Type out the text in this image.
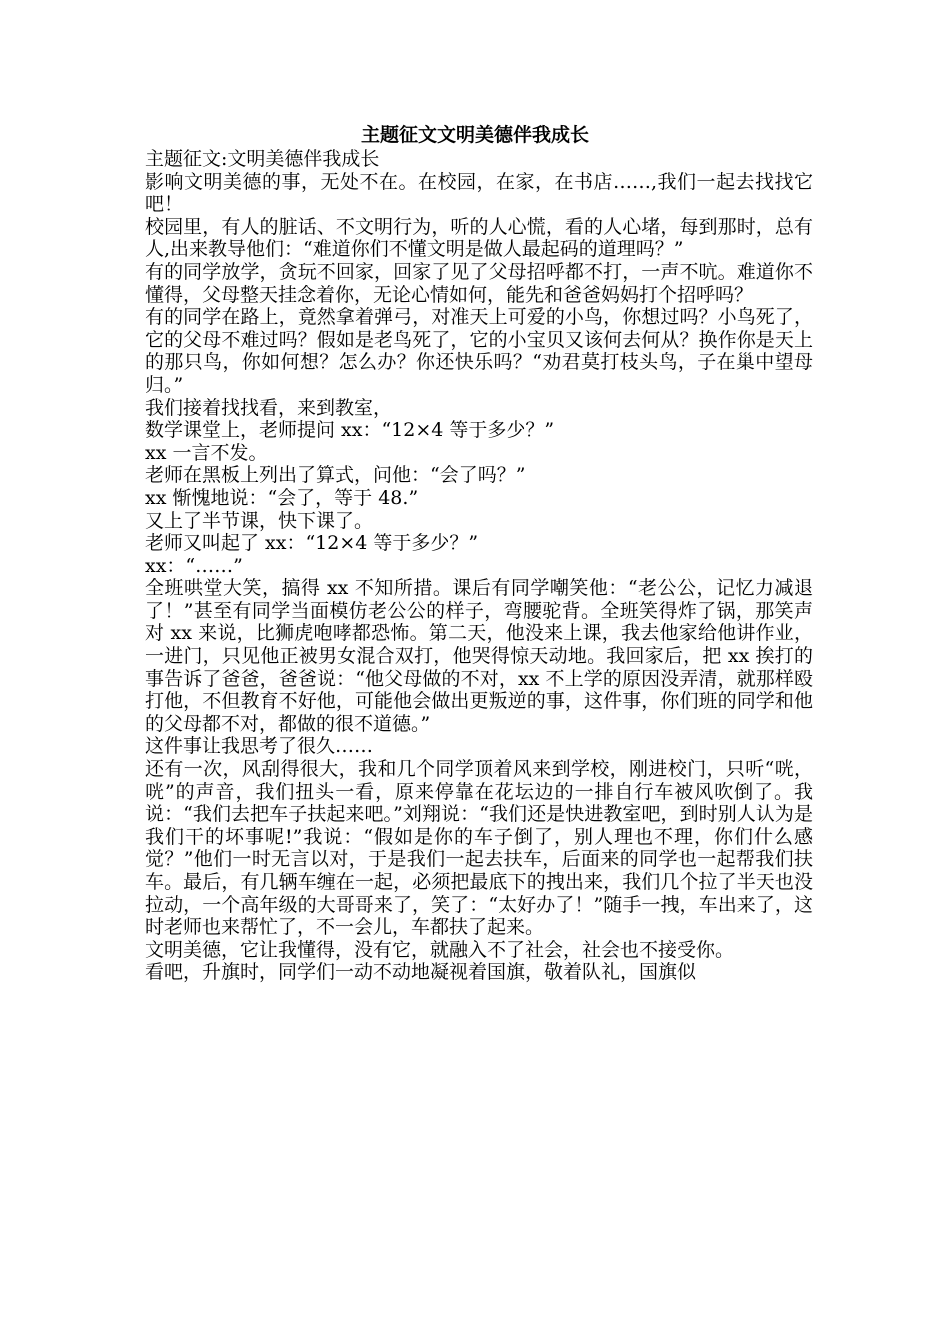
主题征文文明美德伴我成长

主题征文:文明美德伴我成长

影响文明美德的事，无处不在。在校园，在家，在书店……,我们一起去找找它吧！

校园里，有人的脏话、不文明行为，听的人心慌，看的人心堵，每到那时，总有人,出来教导他们：“难道你们不懂文明是做人最起码的道理吗？”

有的同学放学，贪玩不回家，回家了见了父母招呼都不打，一声不吭。难道你不懂得，父母整天挂念着你，无论心情如何，能先和爸爸妈妈打个招呼吗？

有的同学在路上，竟然拿着弹弓，对准天上可爱的小鸟，你想过吗？小鸟死了，它的父母不难过吗？假如是老鸟死了，它的小宝贝又该何去何从？换作你是天上的那只鸟，你如何想？怎么办？你还快乐吗？“劝君莫打枝头鸟，子在巢中望母归。”

我们接着找找看，来到教室，

数学课堂上，老师提问 xx：“12×4 等于多少？”

xx 一言不发。

老师在黑板上列出了算式，问他：“会了吗？”

xx 惭愧地说：“会了，等于 48.”

又上了半节课，快下课了。

老师又叫起了 xx：“12×4 等于多少？”

xx：“……”

全班哄堂大笑，搞得 xx 不知所措。课后有同学嘲笑他：“老公公，记忆力减退了！”甚至有同学当面模仿老公公的样子，弯腰驼背。全班笑得炸了锅，那笑声对 xx 来说，比狮虎咆哮都恐怖。第二天，他没来上课，我去他家给他讲作业，一进门，只见他正被男女混合双打，他哭得惊天动地。我回家后，把 xx 挨打的事告诉了爸爸，爸爸说：“他父母做的不对，xx 不上学的原因没弄清，就那样殴打他，不但教育不好他，可能他会做出更叛逆的事，这件事，你们班的同学和他的父母都不对，都做的很不道德。”

这件事让我思考了很久……

还有一次，风刮得很大，我和几个同学顶着风来到学校，刚进校门，只听“咣，咣”的声音，我们扭头一看，原来停靠在花坛边的一排自行车被风吹倒了。我说：“我们去把车子扶起来吧。”刘翔说：“我们还是快进教室吧，到时别人认为是我们干的坏事呢!”我说：“假如是你的车子倒了，别人理也不理，你们什么感觉？”他们一时无言以对，于是我们一起去扶车，后面来的同学也一起帮我们扶车。最后，有几辆车缠在一起，必须把最底下的拽出来，我们几个拉了半天也没拉动，一个高年级的大哥哥来了，笑了：“太好办了！”随手一拽，车出来了，这时老师也来帮忙了，不一会儿，车都扶了起来。

文明美德，它让我懂得，没有它，就融入不了社会，社会也不接受你。

看吧，升旗时，同学们一动不动地凝视着国旗，敬着队礼，国旗似
